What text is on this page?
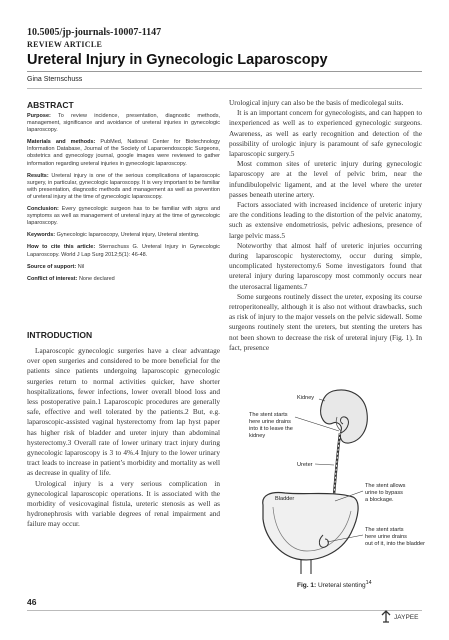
10.5005/jp-journals-10007-1147
REVIEW ARTICLE
Ureteral Injury in Gynecologic Laparoscopy
Gina Sternschuss
ABSTRACT

Purpose: To review incidence, presentation, diagnostic methods, management, significance and avoidance of ureteral injuries in gynecologic laparoscopy.

Materials and methods: PubMed, National Center for Biotechnology Information Database, Journal of the Society of Laparoendoscopic Surgeons, obstetrics and gynecology journal, google images were reviewed to gather information regarding ureteral injuries in gynecologic laparoscopy.

Results: Ureteral injury is one of the serious complications of laparoscopic surgery, in particular, gynecologic laparoscopy. It is very important to be familiar with presentation, diagnostic methods and management as well as prevention of ureteral injury at the time of gynecologic laparoscopy.

Conclusion: Every gynecologic surgeon has to be familiar with signs and symptoms as well as management of ureteral injury at the time of gynecologic laparoscopy.

Keywords: Gynecologic laparoscopy, Ureteral injury, Ureteral stenting.

How to cite this article: Sternschuss G. Ureteral Injury in Gynecologic Laparoscopy. World J Lap Surg 2012;5(1): 46-48.

Source of support: Nil

Conflict of interest: None declared

INTRODUCTION

Laparoscopic gynecologic surgeries have a clear advantage over open surgeries and considered to be more beneficial for the patients since patients undergoing laparoscopic gynecologic surgeries return to normal activities quicker, have shorter hospitalizations, fewer infections, lower overall blood loss and less postoperative pain.1 Laparoscopic procedures are generally safe, effective and well tolerated by the patients.2 But, e.g. laparoscopic-assisted vaginal hysterectomy from lap hyst paper has higher risk of bladder and ureter injury than abdominal hysterectomy.3 Overall rate of lower urinary tract injury during gynecologic laparoscopy is 3 to 4%.4 Injury to the lower urinary tract leads to increase in patient’s morbidity and mortality as well as decrease in quality of life.

Urological injury is a very serious complication in gynecological laparoscopic operations. It is associated with the morbidity of vesicovaginal fistula, ureteric stenosis as well as hydronephrosis with variable degrees of renal impairment and failure may occur.

Urological injury can also be the basis of medicolegal suits.

It is an important concern for gynecologists, and can happen to inexperienced as well as to experienced gynecologic surgeons. Awareness, as well as early recognition and detection of the possibility of urologic injury is paramount of safe gynecologic laparoscopic surgery.5

Most common sites of ureteric injury during gynecologic laparoscopy are at the level of pelvic brim, near the infundibulopelvic ligament, and at the level where the ureter passes beneath uterine artery.

Factors associated with increased incidence of ureteric injury are the conditions leading to the distortion of the pelvic anatomy, such as extensive endometriosis, pelvic adhesions, presence of large pelvic mass.5

Noteworthy that almost half of ureteric injuries occurring during laparoscopic hysterectomy, occur during simple, uncomplicated hysterectomy.6 Some investigators found that ureteral injury during laparoscopy most commonly occurs near the uterosacral ligaments.7

Some surgeons routinely dissect the ureter, exposing its course retroperitoneally, although it is also not without drawbacks, such as risk of injury to the major vessels on the pelvic sidewall. Some surgeons routinely stent the ureters, but stenting the ureters has not been shown to decrease the risk of ureteral injury (Fig. 1). In fact, presence

Kidney
The stent starts
here urine drains
into it to leave the
kidney
Ureter
The stent allows
urine to bypass
a blockage.
Bladder
The stent starts
here urine drains
out of it, into the bladder
Fig. 1: Ureteral stenting$^{14}$
46
JAYPEE
